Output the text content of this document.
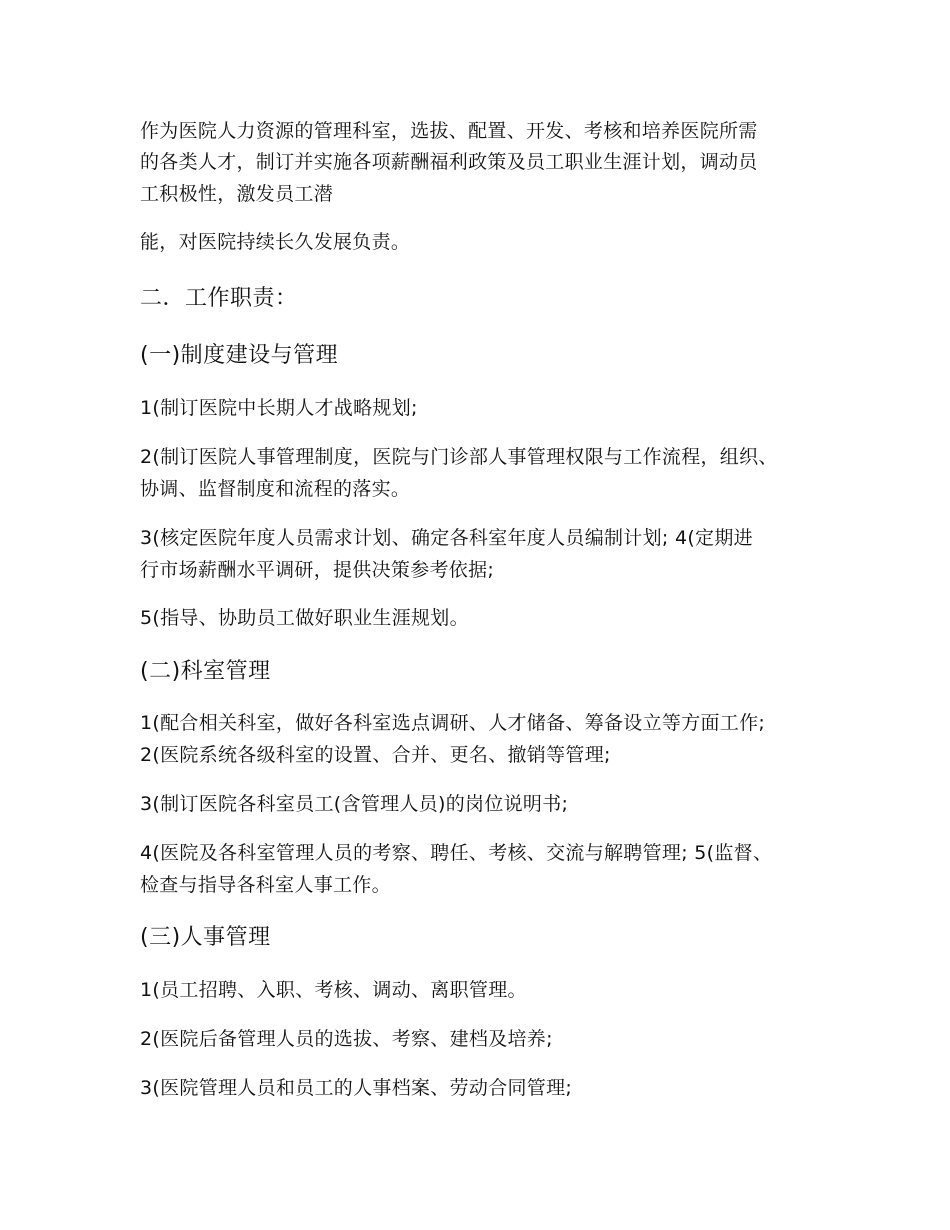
作为医院人力资源的管理科室，选拔、配置、开发、考核和培养医院所需
的各类人才，制订并实施各项薪酬福利政策及员工职业生涯计划，调动员
工积极性，激发员工潜
能，对医院持续长久发展负责。
二．工作职责：
(一)制度建设与管理
1(制订医院中长期人才战略规划;
2(制订医院人事管理制度，医院与门诊部人事管理权限与工作流程，组织、
协调、监督制度和流程的落实。
3(核定医院年度人员需求计划、确定各科室年度人员编制计划; 4(定期进
行市场薪酬水平调研，提供决策参考依据;
5(指导、协助员工做好职业生涯规划。
(二)科室管理
1(配合相关科室，做好各科室选点调研、人才储备、筹备设立等方面工作;
2(医院系统各级科室的设置、合并、更名、撤销等管理;
3(制订医院各科室员工(含管理人员)的岗位说明书;
4(医院及各科室管理人员的考察、聘任、考核、交流与解聘管理; 5(监督、
检查与指导各科室人事工作。
(三)人事管理
1(员工招聘、入职、考核、调动、离职管理。
2(医院后备管理人员的选拔、考察、建档及培养;
3(医院管理人员和员工的人事档案、劳动合同管理;
